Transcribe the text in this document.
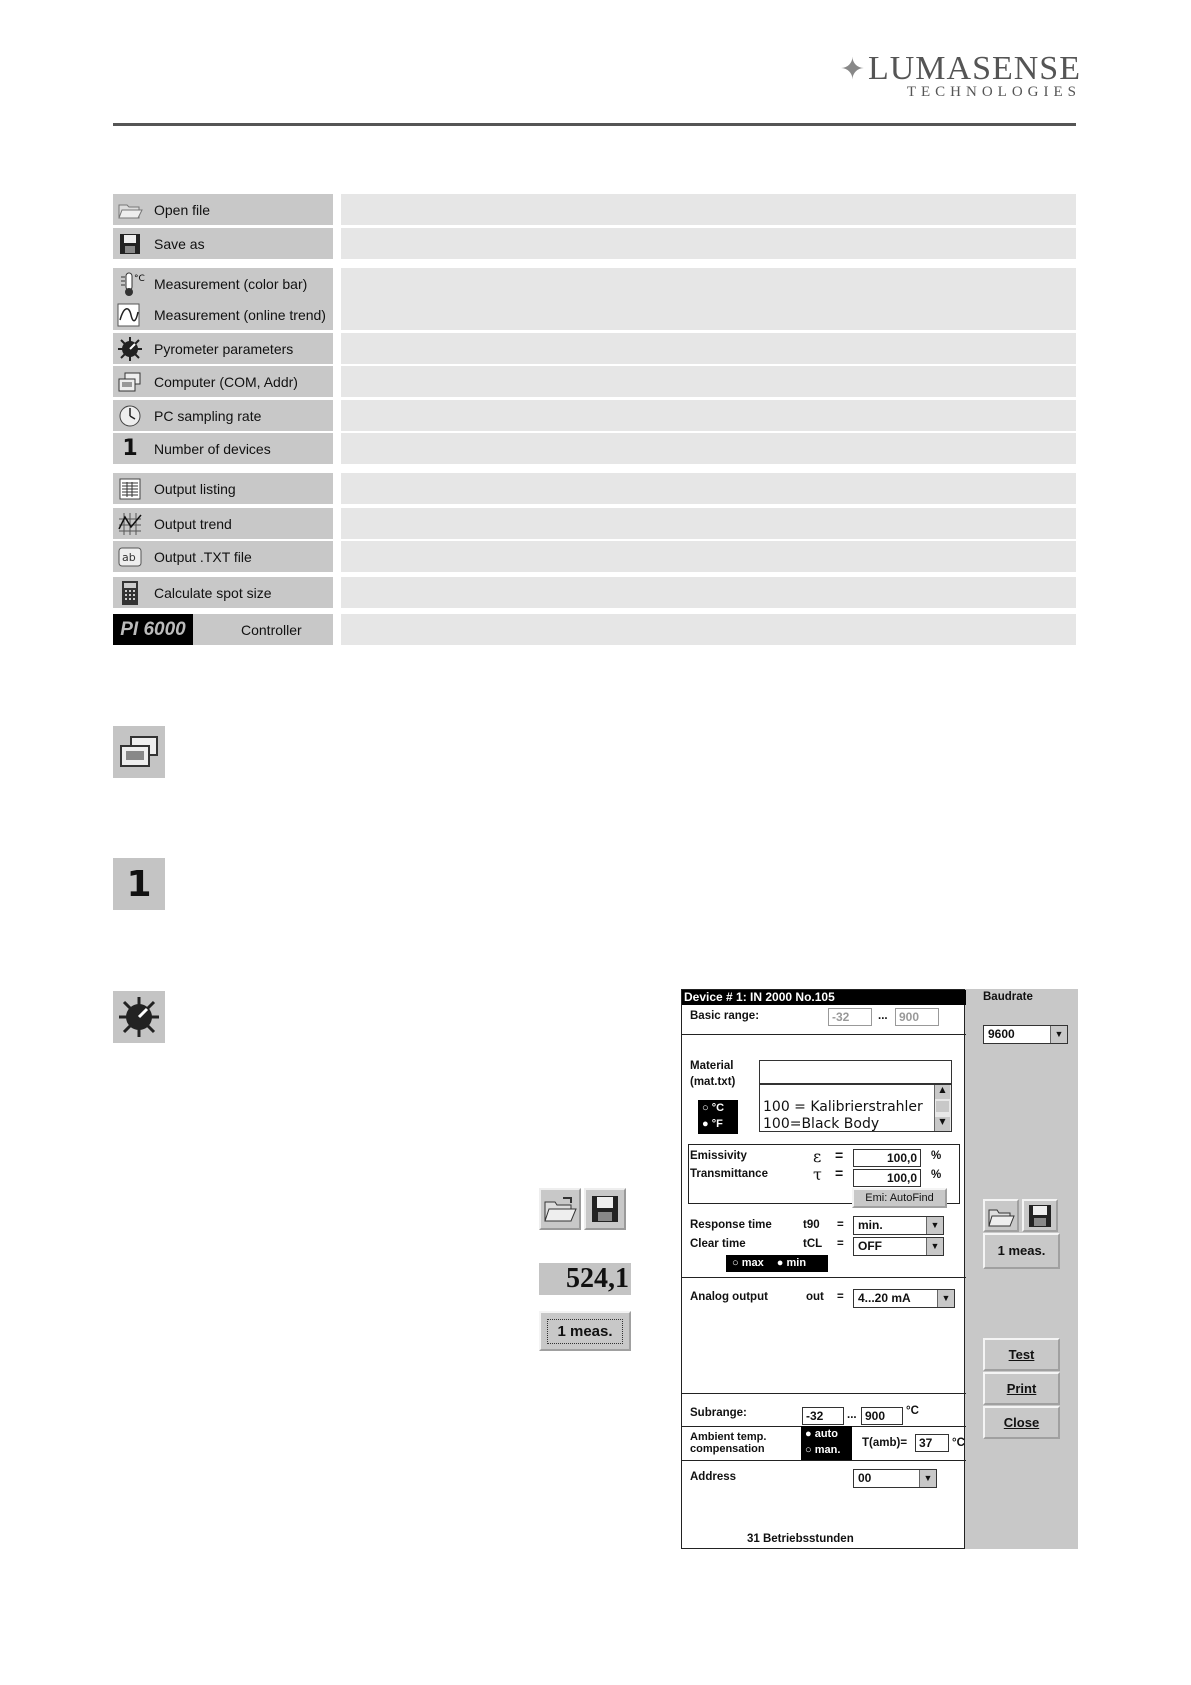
✦LUMASENSE
TECHNOLOGIES
Open file
Save as
°C Measurement (color bar)
Measurement (online trend)
Pyrometer parameters
Computer (COM, Addr)
PC sampling rate
1	Number of devices
Output listing
Output trend
ab Output .TXT file
Calculate spot size
PI 6000	Controller
1
524,1
1 meas.
Device # 1: IN 2000 No.105
Basic range:	-32	... 900
Material
(mat.txt)
100 = Kalibrierstrahler
100=Black Body
▲
▼
○ °C
● °F
Emissivity	ε =	100,0	%
Transmittance	τ =	100,0	%
Emi: AutoFind
Response time	t90 =	min.	▼
Clear time	tCL =	OFF	▼
○ max ● min
Analog output	out =	4...20 mA	▼
Subrange:	-32	... 900	°C
Ambient temp.
compensation
● auto
○ man.
T(amb)= 37	°C
Address	00	▼
31 Betriebsstunden
Baudrate
9600	▼
1 meas.
Test
Print
Close
